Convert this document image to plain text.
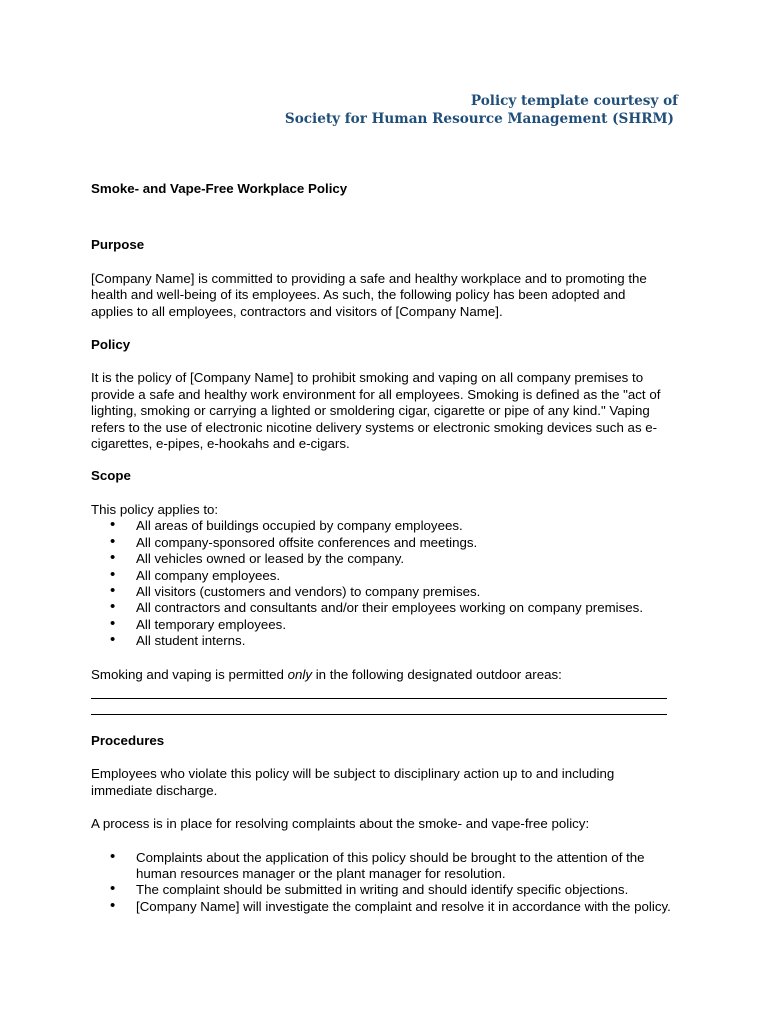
Policy template courtesy of
Society for Human Resource Management (SHRM)

Smoke- and Vape-Free Workplace Policy

Purpose

[Company Name] is committed to providing a safe and healthy workplace and to promoting the health and well-being of its employees. As such, the following policy has been adopted and applies to all employees, contractors and visitors of [Company Name].

Policy

It is the policy of [Company Name] to prohibit smoking and vaping on all company premises to provide a safe and healthy work environment for all employees. Smoking is defined as the "act of lighting, smoking or carrying a lighted or smoldering cigar, cigarette or pipe of any kind." Vaping refers to the use of electronic nicotine delivery systems or electronic smoking devices such as e-cigarettes, e-pipes, e-hookahs and e-cigars.

Scope

This policy applies to:

• All areas of buildings occupied by company employees.
• All company-sponsored offsite conferences and meetings.
• All vehicles owned or leased by the company.
• All company employees.
• All visitors (customers and vendors) to company premises.
• All contractors and consultants and/or their employees working on company premises.
• All temporary employees.
• All student interns.

Smoking and vaping is permitted only in the following designated outdoor areas:

Procedures

Employees who violate this policy will be subject to disciplinary action up to and including immediate discharge.

A process is in place for resolving complaints about the smoke- and vape-free policy:

• Complaints about the application of this policy should be brought to the attention of the human resources manager or the plant manager for resolution.
• The complaint should be submitted in writing and should identify specific objections.
• [Company Name] will investigate the complaint and resolve it in accordance with the policy.
